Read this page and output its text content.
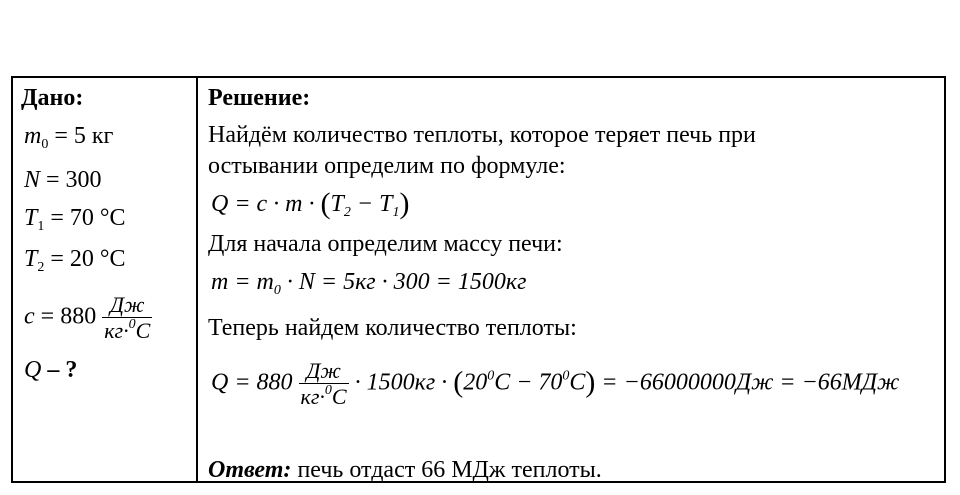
Дано:
$m_0 = 5$ кг
N = 300
$T_1 = 70$ °C
$T_2 = 20$ °C
$c = 880 \frac{Дж}{кг\cdot^0C}$
Q – ?
Решение:
Найдём количество теплоты, которое теряет печь при
остывании определим по формуле:
$Q = c \cdot m \cdot (T_2 - T_1)$
Для начала определим массу печи:
$m = m_0 \cdot N = 5кг \cdot 300 = 1500кг$
Теперь найдем количество теплоты:
$Q = 880 \frac{Дж}{кг\cdot^0C} \cdot 1500кг \cdot (20^0C - 70^0C) = -66000000Дж = -66МДж$
Ответ: печь отдаст 66 МДж теплоты.
